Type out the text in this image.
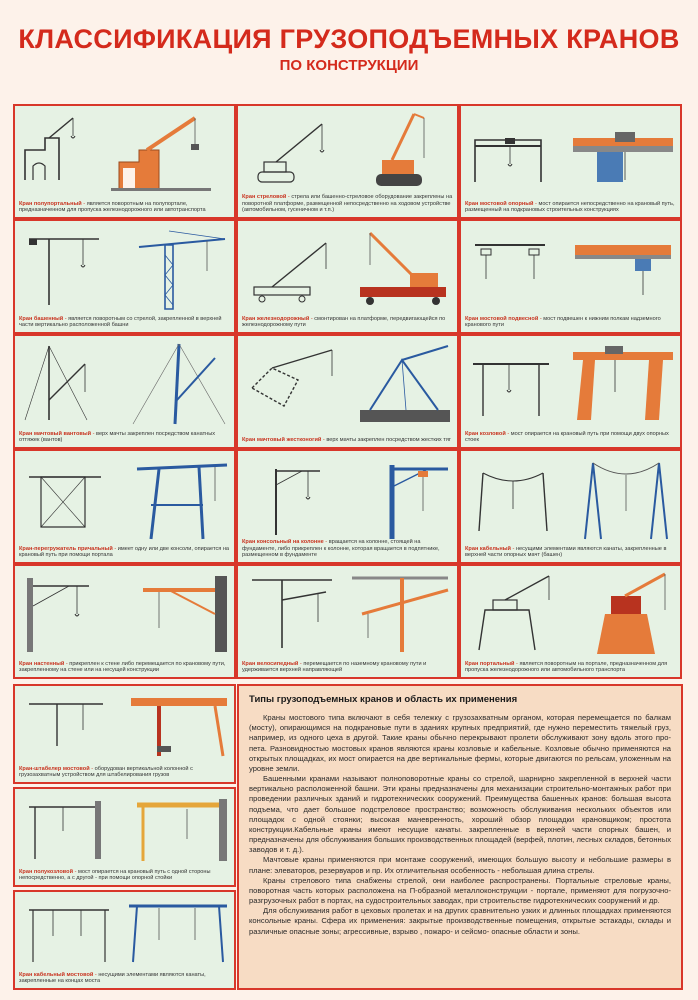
КЛАССИФИКАЦИЯ ГРУЗОПОДЪЕМНЫХ КРАНОВ
ПО КОНСТРУКЦИИ
Кран полупортальный - является поворотным на полупортале, предназначенном для пропуска железнодорожного или автотранспорта
Кран стреловой - стрела или башенно-стреловое оборудование закреплены на поворотной платформе, размещенной непосредственно на ходовом устройстве (автомобильном, гусеничном и т.п.)
Кран мостовой опорный - мост опирается непосредственно на крановый путь, размещенный на подкрановых строительных конструкциях
Кран башенный - является поворотным со стрелой, закрепленной в верхней части вертикально расположенной башни
Кран железнодорожный - смонтирован на платформе, передвигающейся по железнодорожному пути
Кран мостовой подвесной - мост подвешен к нижним полкам надземного кранового пути
Кран мачтовый вантовый - верх мачты закреплен посредством канатных оттяжек (вантов)	Кран мачтовый жестконогий - верх мачты закреплен посредством жестких тяг
Кран козловой - мост опирается на крановый путь при помощи двух опорных стоек
Кран-перегружатель причальный - имеет одну или две консоли, опирается на крановый путь при помощи портала
Кран консольный на колонне - вращается на колонне, стоящей на фундаменте, либо прикреплен к колонне, которая вращается в подпятнике, размещенном в фундаменте
Кран кабельный - несущими элементами являются канаты, закрепленные в верхней части опорных мачт (башен)
Кран настенный - прикреплен к стене либо перемещается по крановому пути, закрепленному на стене или на несущей конструкции
Кран велосипедный - перемещается по наземному крановому пути и удерживается верхней направляющей
Кран портальный - является поворотным на портале, предназначенном для пропуска железнодорожного или автомобильного транспорта
Кран-штабелер мостовой - оборудован вертикальной колонной с грузозахватным устройством для штабелирования грузов
Кран полукозловой - мост опирается на крановый путь с одной стороны непосредственно, а с другой - при помощи опорной стойки
Кран кабельный мостовой - несущими элементами являются канаты, закрепленные на концах моста
Типы грузоподъемных кранов и область их применения

Краны мостового типа включают в себя тележку с грузозахватным органом, которая перемещается по балкам (мосту), опирающимся на подкрановые пути в зданиях крупных предприятий, где нужно переместить тяжелый груз, например, из одного цеха в другой. Такие краны обычно перекрывают пролети обслуживают зону вдоль этого про- пета. Разновидностью мостовых кранов являются краны козловые и кабельные. Козловые обычно применяются на открытых площадках, их мост опирается на две вертикальные фермы, которые двигаются по рельсам, уложенным на уровне земли.

Башенными кранами называют полноповоротные краны со стрелой, шарнирно закрепленной в верхней части вертикально расположенной башни. Эти краны предназначены для механизации строительно-монтажных работ при проведении различных зданий и гидротехнических сооружений. Преимущества башенных кранов: большая высота подъема, что дает большое подстреловое пространство; возможность обслуживания нескольких объектов или площадок с одной стоянки; высокая маневренность, хороший обзор площадки крановщиком; простота конструкции.Кабельные краны имеют несущие канаты. закрепленные в верхней части спорных башен, и предназначены для обслуживания больших производственных площадей (верфей, плотин, лесных складов, бетонных заводов и т. д.).

Мачтовые краны применяются при монтаже сооружений, имеющих большую высоту и небольшие размеры в плане: элеваторов, резервуаров и пр. Их отличительная особенность - небольшая длина стрелы.

Краны стрелового типа снабжены стрелой, они наиболее распространены. Портальные стреловые краны, поворотная часть которых расположена на П-образной металлоконструкции - портале, применяют для погрузочно-разгрузочных работ в портах, на судостроительных заводах, при строительстве гидротехнических сооружений и др.

Для обслуживания работ в цеховых пролетах и на других сравнительно узких и длинных площадках применяются консольные краны. Сфера их применения: закрытые производственные помещения, открытые эстакады, склады и различные опасные зоны; агрессивные, взрыво , пожаро- и сейсмо- опасные области и зоны.
